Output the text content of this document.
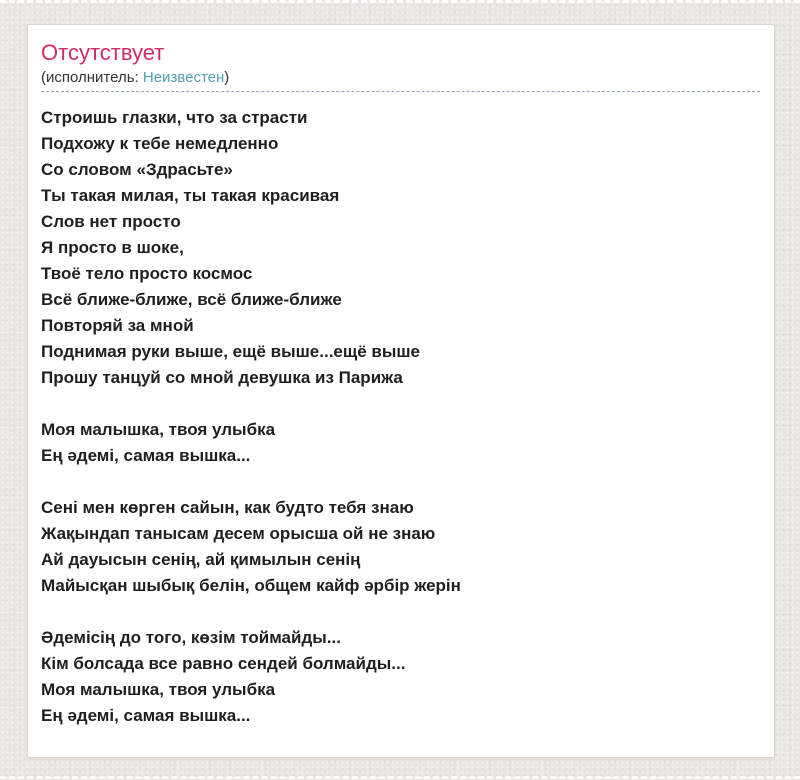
Отсутствует
(исполнитель: Неизвестен)
Строишь глазки, что за страсти
Подхожу к тебе немедленно
Со словом «Здрасьте»
Ты такая милая, ты такая красивая
Слов нет просто
Я просто в шоке,
Твоё тело просто космос
Всё ближе-ближе, всё ближе-ближе
Повторяй за мной
Поднимая руки выше, ещё выше...ещё выше
Прошу танцуй со мной девушка из Парижа
Моя малышка, твоя улыбка
Ең әдемі, самая вышка...
Сені мен көрген сайын, как будто тебя знаю
Жақындап танысам десем орысша ой не знаю
Ай дауысын сенің, ай қимылын сенің
Майысқан шыбық белін, общем кайф әрбір жерін
Әдемісің до того, көзім тоймайды...
Кім болсада все равно сендей болмайды...
Моя малышка, твоя улыбка
Ең әдемі, самая вышка...
